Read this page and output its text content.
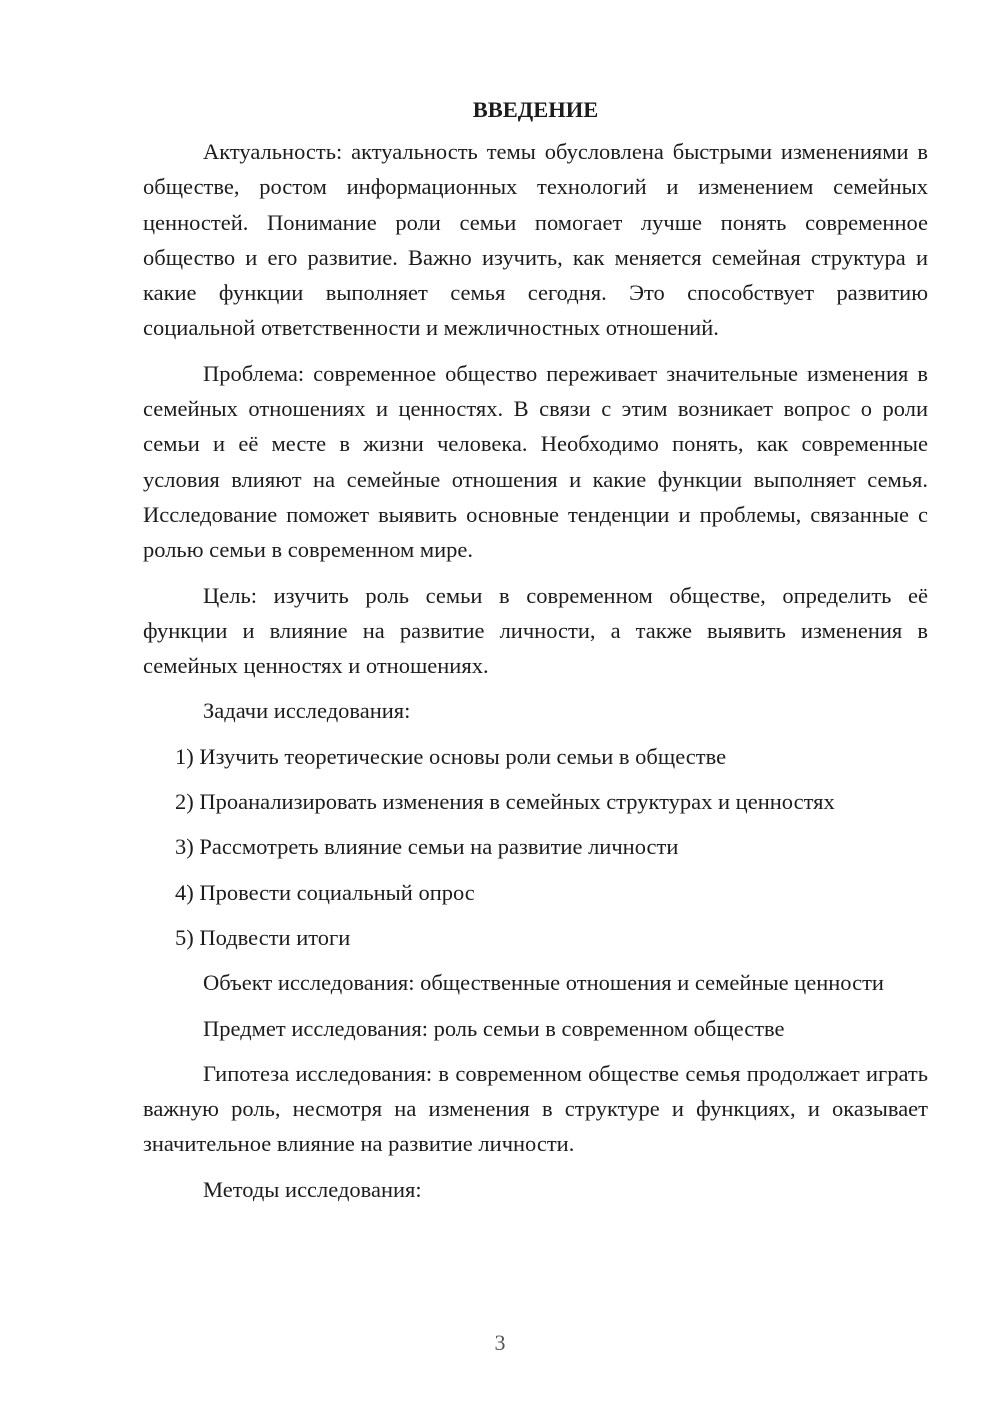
ВВЕДЕНИЕ

Актуальность: актуальность темы обусловлена быстрыми изменениями в обществе, ростом информационных технологий и изменением семейных ценностей. Понимание роли семьи помогает лучше понять современное общество и его развитие. Важно изучить, как меняется семейная структура и какие функции выполняет семья сегодня. Это способствует развитию социальной ответственности и межличностных отношений.

Проблема: современное общество переживает значительные изменения в семейных отношениях и ценностях. В связи с этим возникает вопрос о роли семьи и её месте в жизни человека. Необходимо понять, как современные условия влияют на семейные отношения и какие функции выполняет семья. Исследование поможет выявить основные тенденции и проблемы, связанные с ролью семьи в современном мире.

Цель: изучить роль семьи в современном обществе, определить её функции и влияние на развитие личности, а также выявить изменения в семейных ценностях и отношениях.

Задачи исследования:

1) Изучить теоретические основы роли семьи в обществе
2) Проанализировать изменения в семейных структурах и ценностях
3) Рассмотреть влияние семьи на развитие личности
4) Провести социальный опрос
5) Подвести итоги

Объект исследования: общественные отношения и семейные ценности

Предмет исследования: роль семьи в современном обществе

Гипотеза исследования: в современном обществе семья продолжает играть важную роль, несмотря на изменения в структуре и функциях, и оказывает значительное влияние на развитие личности.

Методы исследования:

3
